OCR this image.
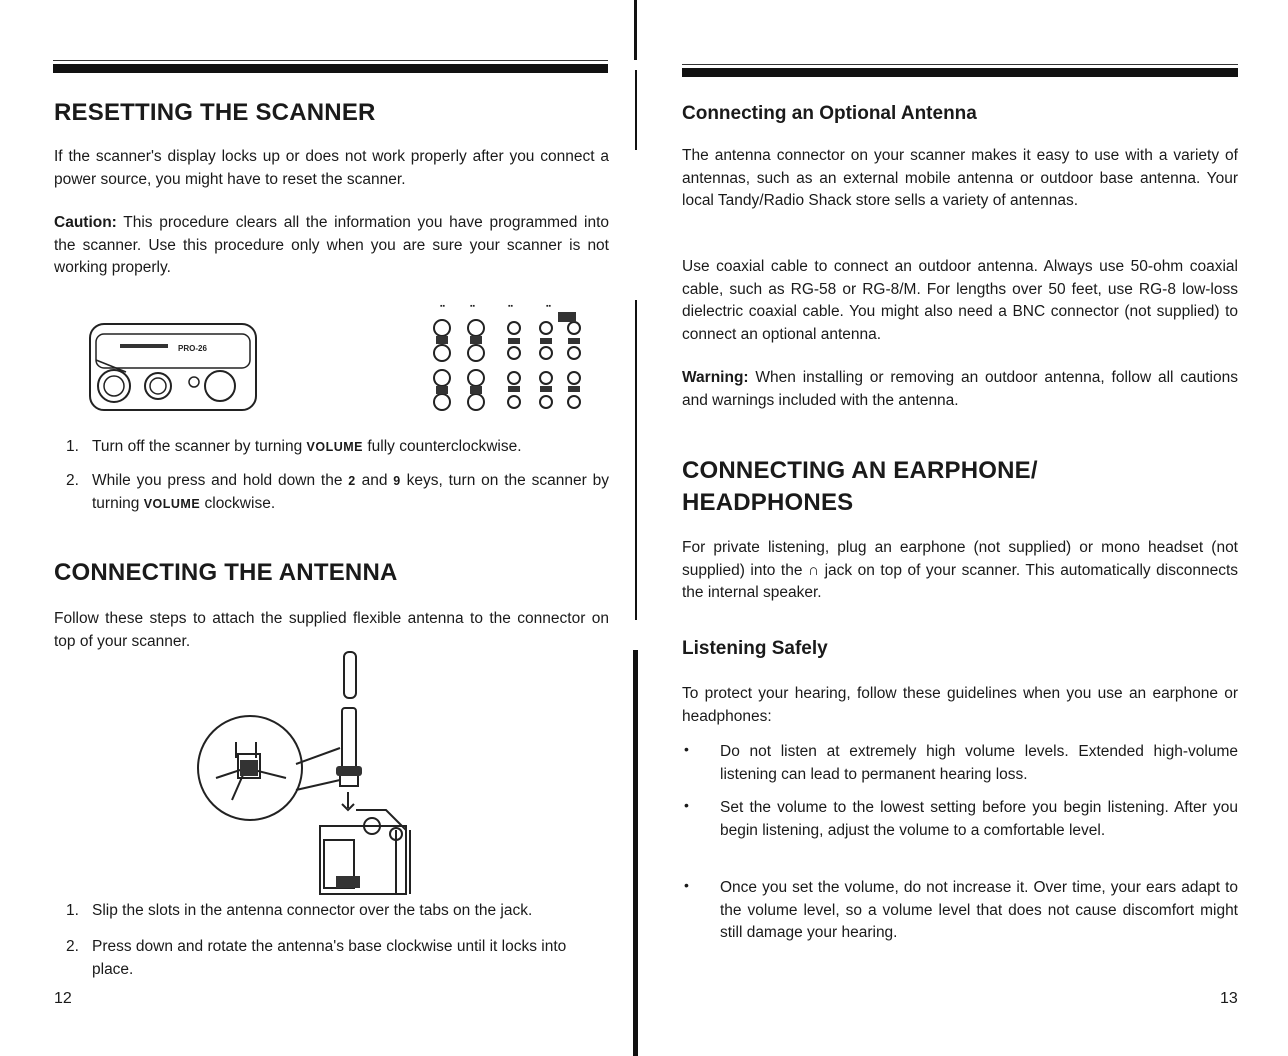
RESETTING THE SCANNER

If the scanner's display locks up or does not work properly after you connect a power source, you might have to reset the scanner.

Caution: This procedure clears all the information you have programmed into the scanner. Use this procedure only when you are sure your scanner is not working properly.

PRO-26
▪▪	▪▪	▪▪	▪▪
1. Turn off the scanner by turning VOLUME fully counterclockwise.

2. While you press and hold down the 2 and 9 keys, turn on the scanner by turning VOLUME clockwise.

CONNECTING THE ANTENNA

Follow these steps to attach the supplied flexible antenna to the connector on top of your scanner.

1. Slip the slots in the antenna connector over the tabs on the jack.

2. Press down and rotate the antenna's base clockwise until it locks into place.

12
Connecting an Optional Antenna

The antenna connector on your scanner makes it easy to use with a variety of antennas, such as an external mobile antenna or outdoor base antenna. Your local Tandy/Radio Shack store sells a variety of antennas.

Use coaxial cable to connect an outdoor antenna. Always use 50-ohm coaxial cable, such as RG-58 or RG-8/M. For lengths over 50 feet, use RG-8 low-loss dielectric coaxial cable. You might also need a BNC connector (not supplied) to connect an optional antenna.

Warning: When installing or removing an outdoor antenna, follow all cautions and warnings included with the antenna.

CONNECTING AN EARPHONE/
HEADPHONES

For private listening, plug an earphone (not supplied) or mono headset (not supplied) into the ∩ jack on top of your scanner. This automatically disconnects the internal speaker.

Listening Safely

To protect your hearing, follow these guidelines when you use an earphone or headphones:

• Do not listen at extremely high volume levels. Extended high-volume listening can lead to permanent hearing loss.

• Set the volume to the lowest setting before you begin listening. After you begin listening, adjust the volume to a comfortable level.

• Once you set the volume, do not increase it. Over time, your ears adapt to the volume level, so a volume level that does not cause discomfort might still damage your hearing.

13
